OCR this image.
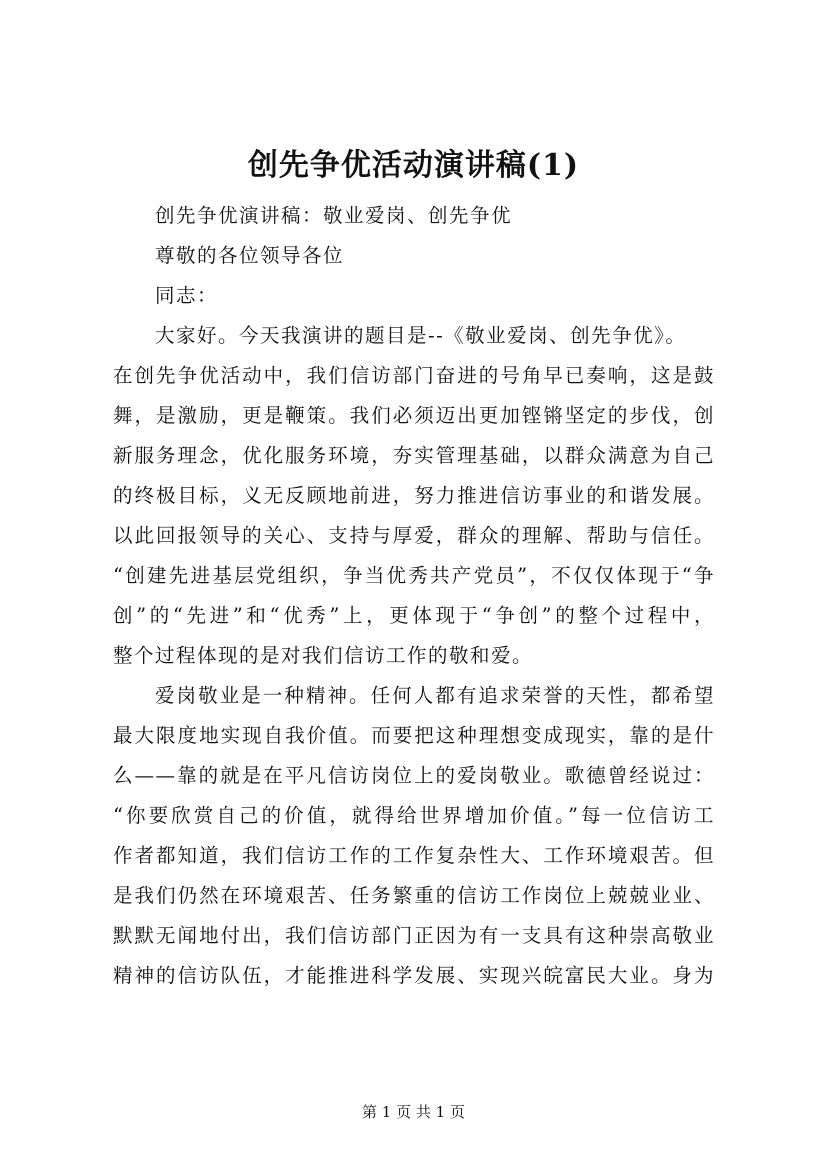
创先争优活动演讲稿(1)
创先争优演讲稿：敬业爱岗、创先争优
尊敬的各位领导各位
同志：
大家好。今天我演讲的题目是--《敬业爱岗、创先争优》。
在创先争优活动中，我们信访部门奋进的号角早已奏响，这是鼓
舞，是激励，更是鞭策。我们必须迈出更加铿锵坚定的步伐，创
新服务理念，优化服务环境，夯实管理基础，以群众满意为自己
的终极目标，义无反顾地前进，努力推进信访事业的和谐发展。
以此回报领导的关心、支持与厚爱，群众的理解、帮助与信任。
“创建先进基层党组织，争当优秀共产党员”，不仅仅体现于“争
创”的“先进”和“优秀”上，更体现于“争创”的整个过程中，
整个过程体现的是对我们信访工作的敬和爱。
爱岗敬业是一种精神。任何人都有追求荣誉的天性，都希望
最大限度地实现自我价值。而要把这种理想变成现实，靠的是什
么——靠的就是在平凡信访岗位上的爱岗敬业。歌德曾经说过：
“你要欣赏自己的价值，就得给世界增加价值。”每一位信访工
作者都知道，我们信访工作的工作复杂性大、工作环境艰苦。但
是我们仍然在环境艰苦、任务繁重的信访工作岗位上兢兢业业、
默默无闻地付出，我们信访部门正因为有一支具有这种崇高敬业
精神的信访队伍，才能推进科学发展、实现兴皖富民大业。身为
第 1 页 共 1 页
